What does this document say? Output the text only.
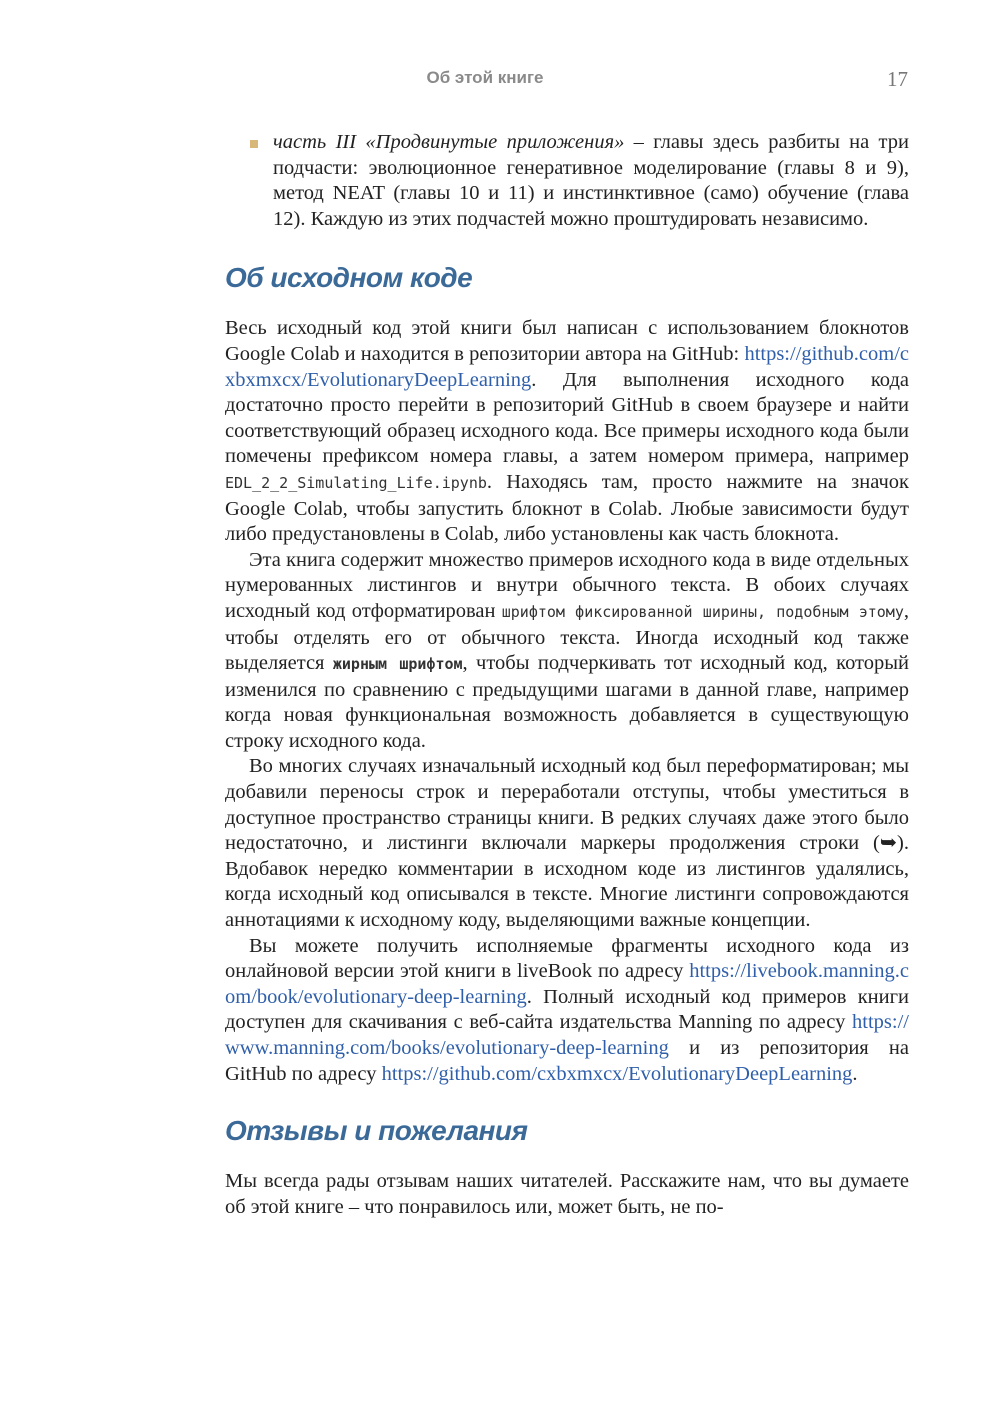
Об этой книге	17
часть III «Продвинутые приложения» – главы здесь разбиты на три подчасти: эволюционное генеративное моделирование (главы 8 и 9), метод NEAT (главы 10 и 11) и инстинктивное (само) обучение (глава 12). Каждую из этих подчастей можно проштудировать независимо.
Об исходном коде

Весь исходный код этой книги был написан с использованием блокнотов Google Colab и находится в репозитории автора на GitHub: https://github.com/cxbxmxcx/EvolutionaryDeepLearning. Для выполнения исходного кода достаточно просто перейти в репозиторий GitHub в своем браузере и найти соответствующий образец исходного кода. Все примеры исходного кода были помечены префиксом номера главы, а затем номером примера, например EDL_2_2_Simulating_Life.ipynb. Находясь там, просто нажмите на значок Google Colab, чтобы запустить блокнот в Colab. Любые зависимости будут либо предустановлены в Colab, либо установлены как часть блокнота.

Эта книга содержит множество примеров исходного кода в виде отдельных нумерованных листингов и внутри обычного текста. В обоих случаях исходный код отформатирован шрифтом фиксированной ширины, подобным этому, чтобы отделять его от обычного текста. Иногда исходный код также выделяется жирным шрифтом, чтобы подчеркивать тот исходный код, который изменился по сравнению с предыдущими шагами в данной главе, например когда новая функциональная возможность добавляется в существующую строку исходного кода.

Во многих случаях изначальный исходный код был переформатирован; мы добавили переносы строк и переработали отступы, чтобы уместиться в доступное пространство страницы книги. В редких случаях даже этого было недостаточно, и листинги включали маркеры продолжения строки (➥). Вдобавок нередко комментарии в исходном коде из листингов удалялись, когда исходный код описывался в тексте. Многие листинги сопровождаются аннотациями к исходному коду, выделяющими важные концепции.

Вы можете получить исполняемые фрагменты исходного кода из онлайновой версии этой книги в liveBook по адресу https://livebook.manning.com/book/evolutionary-deep-learning. Полный исходный код примеров книги доступен для скачивания с веб-сайта издательства Manning по адресу https://www.manning.com/books/evolutionary-deep-learning и из репозитория на GitHub по адресу https://github.com/cxbxmxcx/EvolutionaryDeepLearning.

Отзывы и пожелания

Мы всегда рады отзывам наших читателей. Расскажите нам, что вы думаете об этой книге – что понравилось или, может быть, не по-
